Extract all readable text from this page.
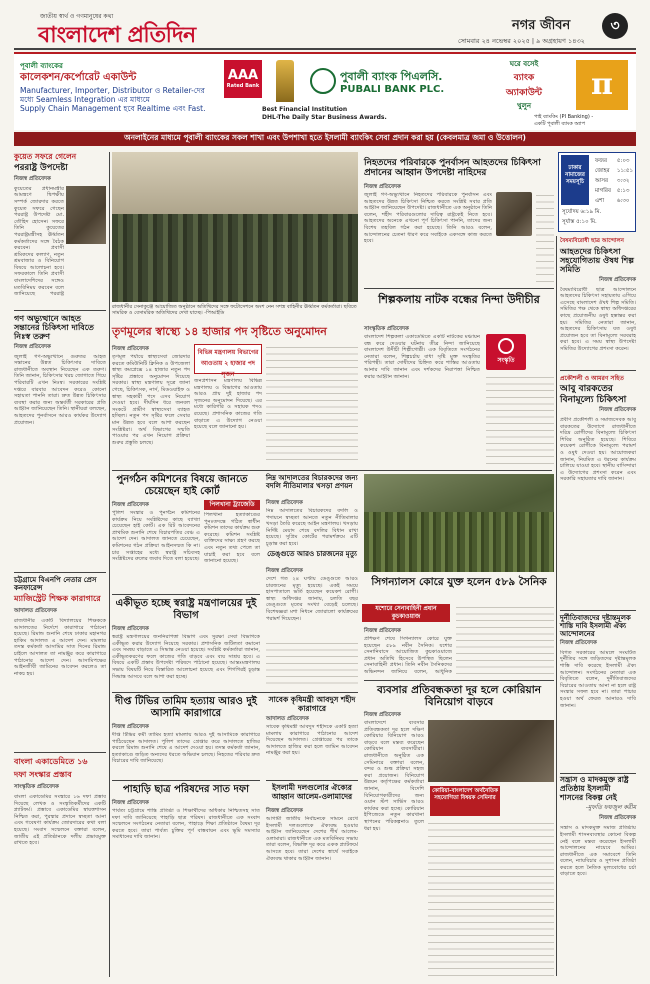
জাতীয় স্বার্থ ও গণমানুষের কথা
বাংলাদেশ প্রতিদিন	নগর জীবন	৩
সোমবার ২৪ নভেম্বর ২০২৫ | ৯ অগ্রহায়ণ ১৪৩২
পূবালী ব্যাংকের
কালেকশন/কর্পোরেট একাউন্ট
Manufacturer, Importer, Distributor ও Retailer-দের
মধ্যে Seamless Integration এর মাধ্যমে
Supply Chain Management হবে Realtime এবং Fast.
AAA
Rated Bank
Best Financial Institution
DHL-The Daily Star Business Awards.
পুবালী ব্যাংক পিএলসি.
PUBALI BANK PLC.
ঘরে বসেই
ব্যাংক
অ্যাকাউন্ট
খুলুন
π
পাই ব্যাংকিং (PI Banking) -
একটি পূবালী ব্যাংক অ্যাপ
অনলাইনের মাধ্যমে পূবালী ব্যাংকের সকল শাখা এবং উপশাখা হতে ইসলামী ব্যাংকিং সেবা প্রদান করা হয় (কেবলমাত্র জমা ও উত্তোলন)
কুয়েত সফরে গেলেন
পররাষ্ট্র উপদেষ্টা
নিজস্ব প্রতিবেদক
কুয়েতের প্রধানমন্ত্রীর আমন্ত্রণে দ্বিপক্ষীয় সম্পর্ক জোরদার করতে কুয়েত সফরে গেছেন পররাষ্ট্র উপদেষ্টা মো. তৌহিদ হোসেন। সফরে তিনি কুয়েতের পররাষ্ট্রমন্ত্রীসহ ঊর্ধ্বতন কর্মকর্তাদের সঙ্গে বৈঠক করবেন। প্রবাসী শ্রমিকদের কল্যাণ, নতুন শ্রমবাজার ও বিনিয়োগ বিষয়ে আলোচনা হবে। সফরকালে তিনি প্রবাসী বাংলাদেশিদের সঙ্গেও মতবিনিময় করবেন বলে জানিয়েছে পররাষ্ট্র
গণ অভ্যুত্থানে আহত সন্তানের চিকিৎসা দাবিতে নিঃস্ব তরুণ
নিজস্ব প্রতিবেদক
জুলাই গণ-অভ্যুত্থানে গুরুতর আহত সন্তানের উন্নত চিকিৎসার দাবিতে রাজধানীতে অবস্থান নিয়েছেন এক তরুণ। তিনি জানান, চিকিৎসার খরচ জোগাতে গিয়ে পরিবারটি এখন নিঃস্ব। সরকারের সংশ্লিষ্ট দপ্তরে বারবার আবেদন করেও কোনো সহায়তা পাননি তারা। দ্রুত উন্নত চিকিৎসার ব্যবস্থা করার জন্য অন্তর্বর্তী সরকারের প্রতি আহ্বান জানিয়েছেন তিনি। স্থানীয়রা বলছেন, আহতদের পুনর্বাসনে আরও কার্যকর উদ্যোগ প্রয়োজন।
চট্টগ্রামে বিএনপি নেতার প্রেস কনফারেন্স
ম্যাজিস্ট্রেট শিক্ষক কারাগারে
আদালত প্রতিবেদক
রাজধানীর একটি বিদ্যালয়ের শিক্ষককে আদালতের নির্দেশে কারাগারে পাঠানো হয়েছে। রিমান্ড শুনানি শেষে ঢাকার মহানগর হাকিম আদালত এ আদেশ দেন। মামলার তদন্ত কর্মকর্তা আসামির সাত দিনের রিমান্ড চাইলে আদালত তা নামঞ্জুর করে কারাগারে পাঠানোর আদেশ দেন। আসামিপক্ষের আইনজীবী জামিনের আবেদন করলেও তা নাকচ হয়।
বাংলা একাডেমিতে ১৬
দফা সংস্কার প্রস্তাব
সাংস্কৃতিক প্রতিবেদক
বাংলা একাডেমির সংস্কারে ১৬ দফা প্রস্তাব দিয়েছে লেখক ও সংস্কৃতিকর্মীদের একটি প্ল্যাটফর্ম। প্রস্তাবে একাডেমির স্বায়ত্তশাসন নিশ্চিত করা, পুরস্কার প্রদানে স্বচ্ছতা আনা এবং গবেষণা কার্যক্রম জোরদারের কথা বলা হয়েছে। সংবাদ সম্মেলনে বক্তারা বলেন, জাতীয় এই প্রতিষ্ঠানকে দলীয় প্রভাবমুক্ত রাখতে হবে।
রাজধানীর সেনাকুঞ্জে আয়োজিত অনুষ্ঠানে অতিথিদের সঙ্গে ফটোসেশনে অংশ নেন সশস্ত্র বাহিনীর ঊর্ধ্বতন কর্মকর্তারা। ছবিতে সামরিক ও বেসামরিক অতিথিদের দেখা যাচ্ছে। -পিআইডি
তৃণমূলের স্বাস্থ্যে ১৪ হাজার পদ সৃষ্টিতে অনুমোদন
নিজস্ব প্রতিবেদক
তৃণমূল পর্যায়ে স্বাস্থ্যসেবা জোরদার করতে কমিউনিটি ক্লিনিক ও উপজেলা স্বাস্থ্য কমপ্লেক্সে ১৪ হাজার নতুন পদ সৃষ্টির প্রস্তাবে অনুমোদন দিয়েছে সরকার। স্বাস্থ্য মন্ত্রণালয় সূত্রে জানা গেছে, চিকিৎসক, নার্স, মিডওয়াইফ ও স্বাস্থ্য সহকারী পদে এসব নিয়োগ দেওয়া হবে। দীর্ঘদিন ধরে জনবল সংকটে গ্রামীণ স্বাস্থ্যসেবা ব্যাহত হচ্ছিল। নতুন পদ সৃষ্টির ফলে সেবার মান উন্নত হবে বলে আশা করছেন সংশ্লিষ্টরা। অর্থ বিভাগের সম্মতি পাওয়ার পর এখন নিয়োগ প্রক্রিয়া শুরুর প্রস্তুতি চলছে।
বিভিন্ন মন্ত্রণালয় বিভাগের আওতায় ২ হাজার পদ সৃজন
জনপ্রশাসন মন্ত্রণালয় বিভিন্ন মন্ত্রণালয় ও বিভাগের আওতায় আরও প্রায় দুই হাজার পদ সৃজনের অনুমোদন দিয়েছে। এর মধ্যে কারিগরি ও সহায়ক পদও রয়েছে। প্রশাসনিক কাজের গতি বাড়াতে এ উদ্যোগ নেওয়া হয়েছে বলে জানানো হয়।
নিহতদের পরিবারকে পুনর্বাসন আহতদের চিকিৎসা প্রদানের আহ্বান উপদেষ্টা নাহিদের
নিজস্ব প্রতিবেদক
জুলাই গণ-অভ্যুত্থানে নিহতদের পরিবারকে পুনর্বাসন এবং আহতদের উন্নত চিকিৎসা নিশ্চিত করতে সংশ্লিষ্ট সবার প্রতি আহ্বান জানিয়েছেন উপদেষ্টা। রাজধানীতে এক অনুষ্ঠানে তিনি বলেন, শহীদ পরিবারগুলোর দায়িত্ব রাষ্ট্রকেই নিতে হবে। আহতদের অনেকে এখনো পূর্ণ চিকিৎসা পাননি, তাদের জন্য বিশেষ তহবিল গঠন করা হয়েছে। তিনি আরও বলেন, আন্দোলনের চেতনা ধারণ করে সবাইকে একসঙ্গে কাজ করতে হবে।
ঢাকার নামাজের সময়সূচি
ফজর	৫:০৩
জোহর	১১:৫১
আসর	৩:৩২
মাগরিব	৫:১৩
এশা	৬:৩০
সূর্যোদয় ৬:১৯ মি.
সূর্যাস্ত ৫:১০ মি.
শিল্পকলায় নাটক বন্ধের নিন্দা উদীচীর
সাংস্কৃতিক প্রতিবেদক
বাংলাদেশ শিল্পকলা একাডেমিতে একটি নাটকের মঞ্চায়ন বন্ধ করে দেওয়ার ঘটনায় তীব্র নিন্দা জানিয়েছে বাংলাদেশ উদীচী শিল্পীগোষ্ঠী। এক বিবৃতিতে সংগঠনের নেতারা বলেন, শিল্পচর্চায় বাধা সৃষ্টি মুক্ত সংস্কৃতির পরিপন্থী। তারা দোষীদের চিহ্নিত করে শাস্তির আওতায় আনার দাবি জানান এবং দর্শকদের নিরাপত্তা নিশ্চিত করার আহ্বান জানান।
সংস্কৃতি
বৈষম্যবিরোধী ছাত্র আন্দোলন
আহতদের চিকিৎসা সহযোগিতায় ঔষধ শিল্প সমিতি
নিজস্ব প্রতিবেদক
বৈষম্যবিরোধী ছাত্র আন্দোলনে আহতদের চিকিৎসা সহায়তায় এগিয়ে এসেছে বাংলাদেশ ঔষধ শিল্প সমিতি। সমিতির পক্ষ থেকে স্বাস্থ্য অধিদপ্তরের কাছে প্রয়োজনীয় ওষুধ হস্তান্তর করা হয়। সমিতির নেতারা জানান, আহতদের চিকিৎসায় যত ওষুধ প্রয়োজন হবে তা বিনামূল্যে সরবরাহ করা হবে। এ সময় স্বাস্থ্য উপদেষ্টা সমিতির উদ্যোগের প্রশংসা করেন।
প্রকৌশলী ও আমরণ সহিত
আবু বারকতের বিনামূল্যে চিকিৎসা
নিজস্ব প্রতিবেদক
প্রবীণ প্রকৌশলী ও সমাজসেবক আবু বারকতের উদ্যোগে রাজধানীতে দরিদ্র রোগীদের বিনামূল্যে চিকিৎসা শিবির অনুষ্ঠিত হয়েছে। শিবিরে কয়েকশ রোগীকে বিনামূল্যে পরামর্শ ও ওষুধ দেওয়া হয়। আয়োজকরা জানান, নিয়মিত এ ধরনের কার্যক্রম চালিয়ে যাওয়া হবে। স্থানীয় বাসিন্দারা এ উদ্যোগের প্রশংসা করেন এবং সরকারি সহায়তার দাবি জানান।
দুর্নীতিবাজদের দৃষ্টান্তমূলক
শাস্তি দাবি ইসলামী ঐক্য আন্দোলনের
নিজস্ব প্রতিবেদক
বিগত সরকারের আমলে সংঘটিত দুর্নীতির সঙ্গে জড়িতদের দৃষ্টান্তমূলক শাস্তি দাবি করেছে ইসলামী ঐক্য আন্দোলন। সংগঠনের নেতারা এক বিবৃতিতে বলেন, দুর্নীতিবাজদের বিচারের আওতায় আনা না হলে রাষ্ট্র সংস্কার সফল হবে না। তারা পাচার হওয়া অর্থ ফেরত আনারও দাবি জানান।
সন্ত্রাস ও মাদকমুক্ত রাষ্ট্র প্রতিষ্ঠায় ইসলামী শাসনের বিকল্প নেই
-মুফতি ফয়জুল করীম
নিজস্ব প্রতিবেদক
সন্ত্রাস ও মাদকমুক্ত সমাজ প্রতিষ্ঠায় ইসলামী শাসনব্যবস্থার কোনো বিকল্প নেই বলে মন্তব্য করেছেন ইসলামী আন্দোলনের নায়েবে আমির। রাজধানীতে এক সমাবেশে তিনি বলেন, ন্যায়বিচার ও সুশাসন প্রতিষ্ঠা করতে হলে নৈতিক মূল্যবোধের চর্চা বাড়াতে হবে।
পুনর্গঠন কমিশনের বিষয়ে জানতে চেয়েছেন হাই কোর্ট
নিজস্ব প্রতিবেদক
পুলিশ সংস্কার ও পুনর্গঠন কমিশনের কার্যক্রম নিয়ে সংশ্লিষ্টদের কাছে ব্যাখ্যা চেয়েছেন হাই কোর্ট। এক রিট আবেদনের প্রাথমিক শুনানি শেষে বিচারপতির বেঞ্চ এ আদেশ দেন। আদালত জানতে চেয়েছেন, কমিশনের গঠন প্রক্রিয়া আইনসম্মত কি না। চার সপ্তাহের মধ্যে স্বরাষ্ট্র সচিবসহ সংশ্লিষ্টদের রুলের জবাব দিতে বলা হয়েছে।
পিলখানা ট্র্যাজেডি
পিলখানা হত্যাকাণ্ডের পুনঃতদন্তে গঠিত স্বাধীন কমিশন তাদের কার্যক্রম শুরু করেছে। কমিশন সংশ্লিষ্ট ব্যক্তিদের সাক্ষ্য গ্রহণ করছে এবং নতুন তথ্য পেলে তা যাচাই করা হবে বলে জানানো হয়েছে।
নিম্ন আদালতের বিচারকদের জন্য বদলি নীতিমালার খসড়া প্রণয়ন
নিজস্ব প্রতিবেদক
নিম্ন আদালতের বিচারকদের বদলি ও পদায়নে স্বচ্ছতা আনতে নতুন নীতিমালার খসড়া তৈরি করেছে আইন মন্ত্রণালয়। খসড়ায় নির্দিষ্ট মেয়াদ শেষে বদলির বিধান রাখা হয়েছে। সুপ্রিম কোর্টের পরামর্শক্রমে এটি চূড়ান্ত করা হবে।
ডেঙ্গুতে আরও চারজনের মৃত্যু
নিজস্ব প্রতিবেদক
দেশে গত ২৪ ঘণ্টায় ডেঙ্গুতে আরও চারজনের মৃত্যু হয়েছে। একই সময়ে হাসপাতালে ভর্তি হয়েছেন কয়েকশ রোগী। স্বাস্থ্য অধিদপ্তর জানায়, চলতি বছর ডেঙ্গুতে মৃতের সংখ্যা বেড়েই চলেছে। বিশেষজ্ঞরা মশা নিধনে জোরালো কার্যক্রমের পরামর্শ দিয়েছেন।
সিগন্যালস কোরে যুক্ত হলেন ৫৮৯ সৈনিক
যশোরে সেনাবাহিনী প্রধান কুচকাওয়াজ
নিজস্ব প্রতিবেদক
প্রশিক্ষণ শেষে সিগন্যালস কোরে যুক্ত হয়েছেন ৫৮৯ নবীন সৈনিক। যশোর সেনানিবাসে আয়োজিত কুচকাওয়াজে প্রধান অতিথি হিসেবে উপস্থিত ছিলেন সেনাবাহিনী প্রধান। তিনি নবীন সৈনিকদের অভিনন্দন জানিয়ে বলেন, আধুনিক
একীভূত হচ্ছে স্বরাষ্ট্র মন্ত্রণালয়ের দুই বিভাগ
নিজস্ব প্রতিবেদক
স্বরাষ্ট্র মন্ত্রণালয়ের জননিরাপত্তা বিভাগ এবং সুরক্ষা সেবা বিভাগকে একীভূত করার উদ্যোগ নিয়েছে সরকার। প্রশাসনিক জটিলতা কমানো এবং সমন্বয় বাড়াতে এ সিদ্ধান্ত নেওয়া হয়েছে। সংশ্লিষ্ট কর্মকর্তারা জানান, একীভূতকরণের ফলে কাজের গতি বাড়বে এবং ব্যয় সাশ্রয় হবে। এ বিষয়ে একটি প্রস্তাব উপদেষ্টা পরিষদে পাঠানো হয়েছে। আন্তঃমন্ত্রণালয় সভায় বিষয়টি নিয়ে বিস্তারিত আলোচনা হয়েছে এবং শিগগিরই চূড়ান্ত সিদ্ধান্ত আসবে বলে আশা করা হচ্ছে।
দীপ্ত টিভির তামিম হত্যায় আরও দুই আসামি কারাগারে
নিজস্ব প্রতিবেদক
দীপ্ত টিভির কর্মী তামিম হত্যা মামলায় আরও দুই আসামিকে কারাগারে পাঠিয়েছেন আদালত। পুলিশ তাদের গ্রেপ্তার করে আদালতে হাজির করলে রিমান্ড শুনানি শেষে এ আদেশ দেওয়া হয়। তদন্ত কর্মকর্তা জানান, হত্যাকাণ্ডে জড়িত অন্যদের ধরতে অভিযান চলছে। নিহতের পরিবার দ্রুত বিচারের দাবি জানিয়েছে।
সাবেক কৃষিমন্ত্রী আবদুস শহীদ কারাগারে
আদালত প্রতিবেদক
সাবেক কৃষিমন্ত্রী আবদুস শহীদকে একটি হত্যা মামলায় কারাগারে পাঠানোর আদেশ দিয়েছেন আদালত। গ্রেপ্তারের পর তাকে আদালতে হাজির করা হলে জামিন আবেদন নামঞ্জুর করা হয়।
পাহাড়ি ছাত্র পরিষদের সাত দফা
নিজস্ব প্রতিবেদক
পার্বত্য চট্টগ্রামে শান্তি প্রতিষ্ঠা ও শিক্ষার্থীদের অধিকার নিশ্চিতসহ সাত দফা দাবি জানিয়েছে পাহাড়ি ছাত্র পরিষদ। রাজধানীতে এক সংবাদ সম্মেলনে সংগঠনের নেতারা বলেন, পাহাড়ে শিক্ষা প্রতিষ্ঠানে বৈষম্য দূর করতে হবে। তারা পার্বত্য চুক্তির পূর্ণ বাস্তবায়ন এবং ভূমি সমস্যার সমাধানের দাবি জানান।
ইসলামী দলগুলোর ঐক্যের আহ্বান আলেম-ওলামাদের
নিজস্ব প্রতিবেদক
আগামী জাতীয় নির্বাচনকে সামনে রেখে ইসলামী দলগুলোকে ঐক্যবদ্ধ হওয়ার আহ্বান জানিয়েছেন দেশের শীর্ষ আলেম-ওলামারা। রাজধানীতে এক মতবিনিময় সভায় তারা বলেন, বিভক্তি দূর করে একক প্ল্যাটফর্মে আসতে হবে। তারা দেশের স্বার্থে সবাইকে ঐক্যবদ্ধ থাকার আহ্বান জানান।
ব্যবসার প্রতিবন্ধকতা দূর হলে কোরিয়ান বিনিয়োগ বাড়বে
নিজস্ব প্রতিবেদক
বাংলাদেশে ব্যবসার প্রতিবন্ধকতা দূর হলে দক্ষিণ কোরিয়ার বিনিয়োগ আরও বাড়বে বলে মন্তব্য করেছেন কোরিয়ান ব্যবসায়ীরা। রাজধানীতে অনুষ্ঠিত এক সেমিনারে বক্তারা বলেন, বন্দর ও শুল্ক প্রক্রিয়া সহজ করা প্রয়োজন। বিনিয়োগ উন্নয়ন কর্তৃপক্ষের কর্মকর্তারা জানান, বিদেশি বিনিয়োগকারীদের জন্য ওয়ান স্টপ সার্ভিস আরও কার্যকর করা হচ্ছে। কোরিয়ান ইপিজেডে নতুন কারখানা স্থাপনের পরিকল্পনাও তুলে ধরা হয়।
কোরিয়া-বাংলাদেশ অর্থনৈতিক সহযোগিতা বিষয়ক সেমিনার
